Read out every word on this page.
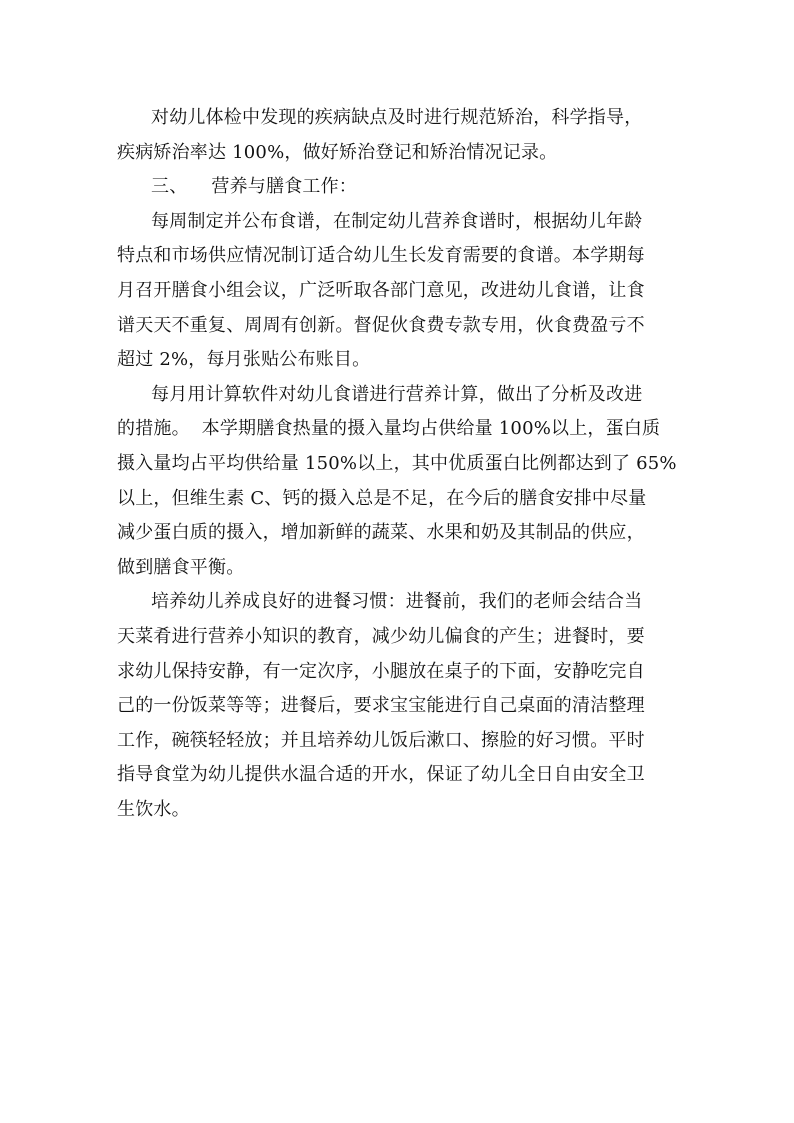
对幼儿体检中发现的疾病缺点及时进行规范矫治，科学指导，
疾病矫治率达 100%，做好矫治登记和矫治情况记录。
三、 营养与膳食工作：
每周制定并公布食谱，在制定幼儿营养食谱时，根据幼儿年龄
特点和市场供应情况制订适合幼儿生长发育需要的食谱。本学期每
月召开膳食小组会议，广泛听取各部门意见，改进幼儿食谱，让食
谱天天不重复、周周有创新。督促伙食费专款专用，伙食费盈亏不
超过 2%，每月张贴公布账目。
每月用计算软件对幼儿食谱进行营养计算，做出了分析及改进
的措施。  本学期膳食热量的摄入量均占供给量 100%以上，蛋白质
摄入量均占平均供给量 150%以上，其中优质蛋白比例都达到了 65%
以上，但维生素 C、钙的摄入总是不足，在今后的膳食安排中尽量
减少蛋白质的摄入，增加新鲜的蔬菜、水果和奶及其制品的供应，
做到膳食平衡。
培养幼儿养成良好的进餐习惯：进餐前，我们的老师会结合当
天菜肴进行营养小知识的教育，减少幼儿偏食的产生；进餐时，要
求幼儿保持安静，有一定次序，小腿放在桌子的下面，安静吃完自
己的一份饭菜等等；进餐后，要求宝宝能进行自己桌面的清洁整理
工作，碗筷轻轻放；并且培养幼儿饭后漱口、擦脸的好习惯。平时
指导食堂为幼儿提供水温合适的开水，保证了幼儿全日自由安全卫
生饮水。
